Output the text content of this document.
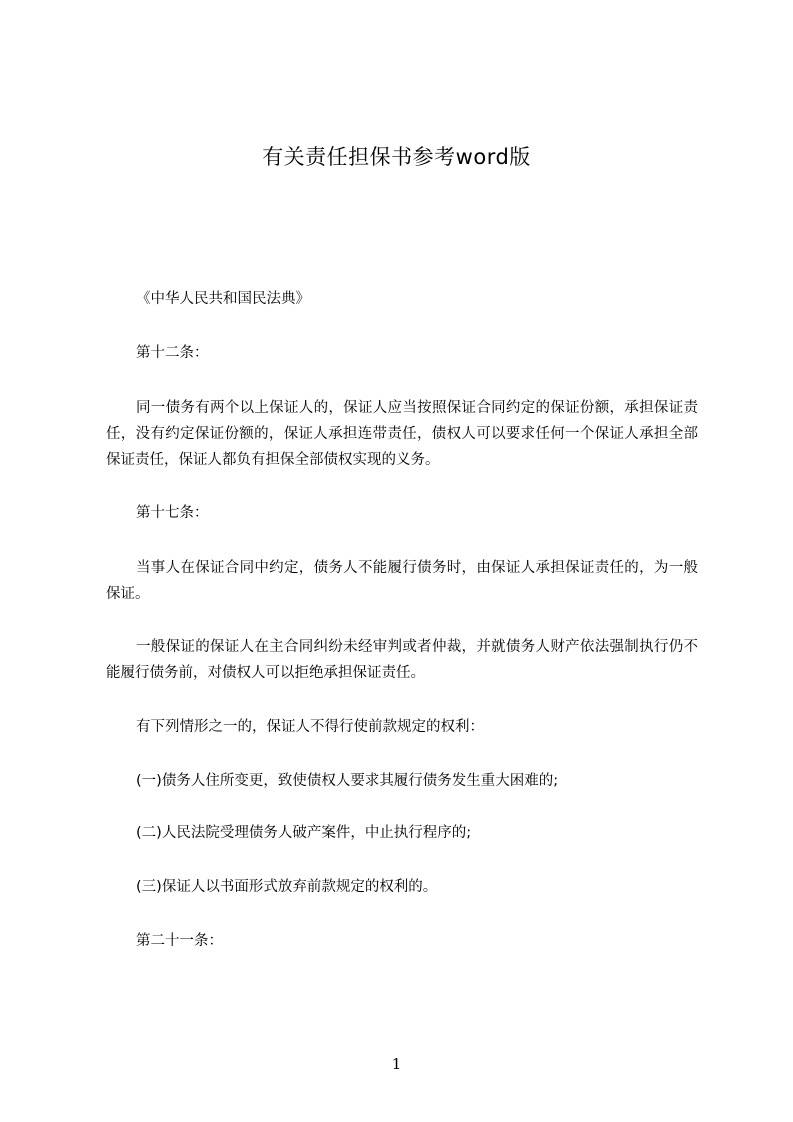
有关责任担保书参考word版

《中华人民共和国民法典》

第十二条：

同一债务有两个以上保证人的，保证人应当按照保证合同约定的保证份额，承担保证责任，没有约定保证份额的，保证人承担连带责任，债权人可以要求任何一个保证人承担全部保证责任，保证人都负有担保全部债权实现的义务。

第十七条：

当事人在保证合同中约定，债务人不能履行债务时，由保证人承担保证责任的，为一般保证。

一般保证的保证人在主合同纠纷未经审判或者仲裁，并就债务人财产依法强制执行仍不能履行债务前，对债权人可以拒绝承担保证责任。

有下列情形之一的，保证人不得行使前款规定的权利：

(一)债务人住所变更，致使债权人要求其履行债务发生重大困难的;

(二)人民法院受理债务人破产案件，中止执行程序的;

(三)保证人以书面形式放弃前款规定的权利的。

第二十一条：

1
